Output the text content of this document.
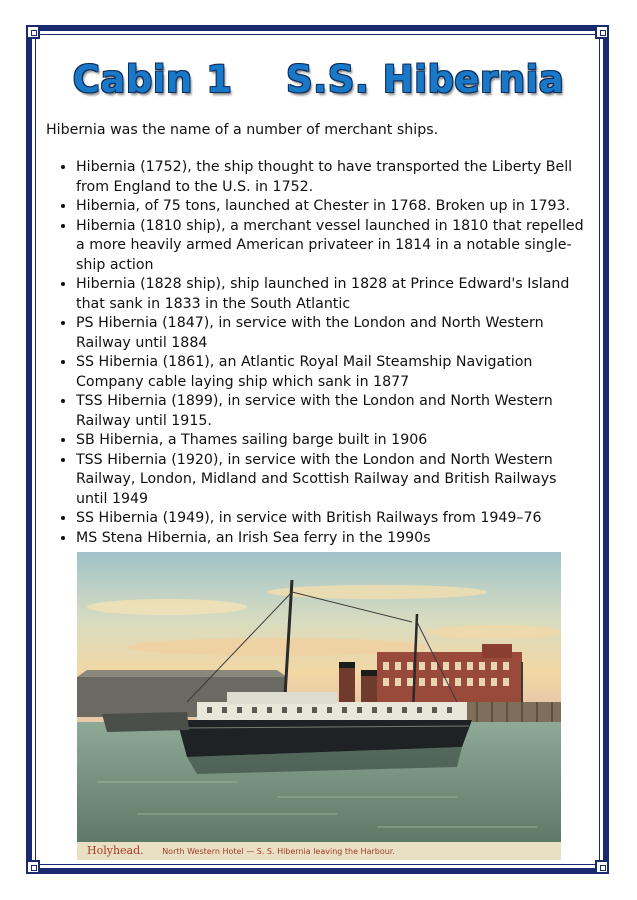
Cabin 1    S.S. Hibernia
Hibernia was the name of a number of merchant ships.
• Hibernia (1752), the ship thought to have transported the Liberty Bell from England to the U.S. in 1752.
• Hibernia, of 75 tons, launched at Chester in 1768. Broken up in 1793.
• Hibernia (1810 ship), a merchant vessel launched in 1810 that repelled a more heavily armed American privateer in 1814 in a notable single-ship action
• Hibernia (1828 ship), ship launched in 1828 at Prince Edward's Island that sank in 1833 in the South Atlantic
• PS Hibernia (1847), in service with the London and North Western Railway until 1884
• SS Hibernia (1861), an Atlantic Royal Mail Steamship Navigation Company cable laying ship which sank in 1877
• TSS Hibernia (1899), in service with the London and North Western Railway until 1915.
• SB Hibernia, a Thames sailing barge built in 1906
• TSS Hibernia (1920), in service with the London and North Western Railway, London, Midland and Scottish Railway and British Railways until 1949
• SS Hibernia (1949), in service with British Railways from 1949–76
• MS Stena Hibernia, an Irish Sea ferry in the 1990s
Holyhead. North Western Hotel — S. S. Hibernia leaving the Harbour.
